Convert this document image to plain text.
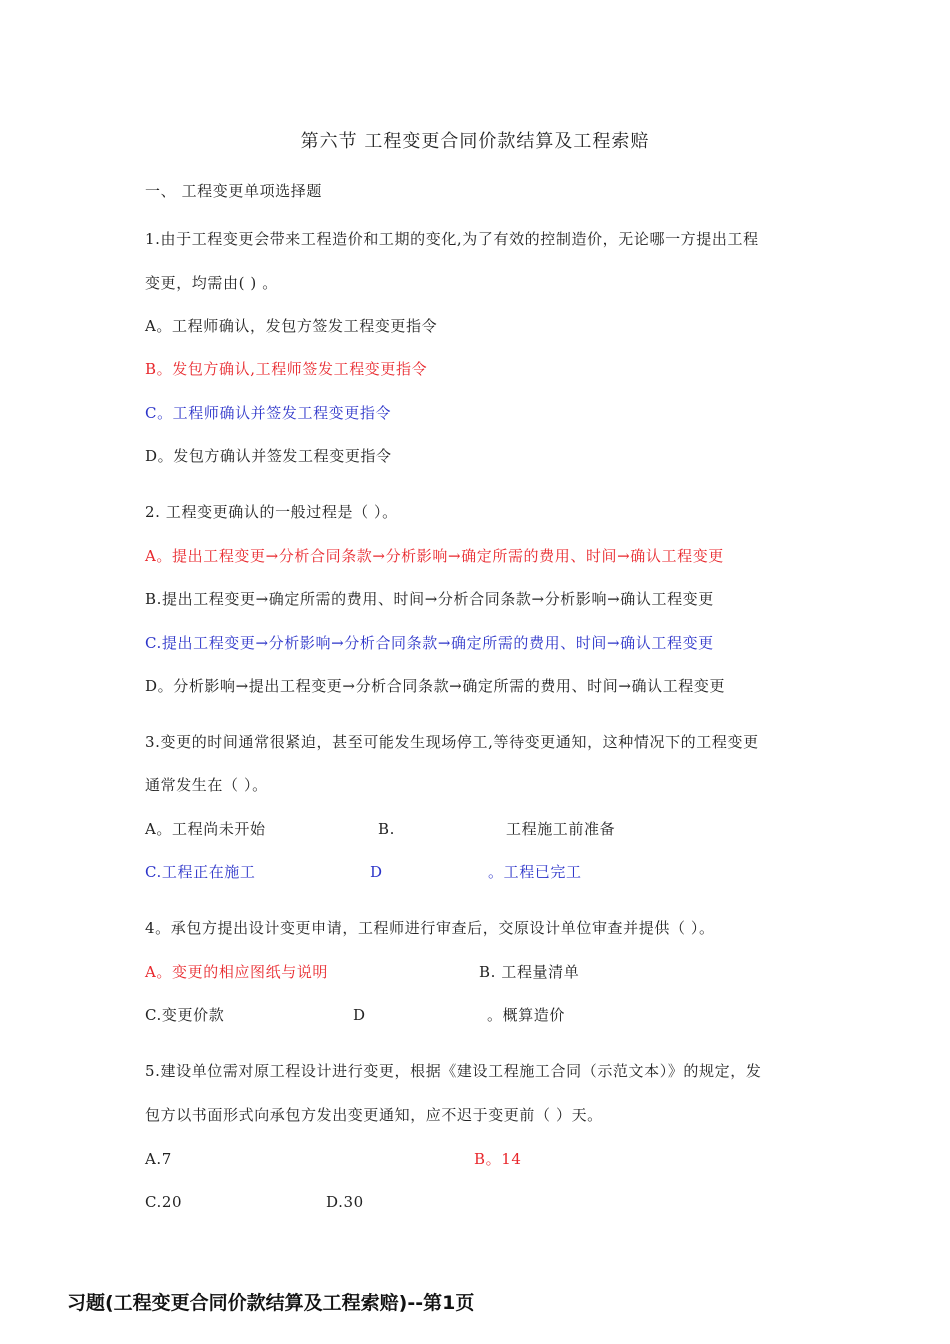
第六节 工程变更合同价款结算及工程索赔
一、 工程变更单项选择题
1.由于工程变更会带来工程造价和工期的变化,为了有效的控制造价，无论哪一方提出工程
变更，均需由( ) 。
A。工程师确认，发包方签发工程变更指令
B。发包方确认,工程师签发工程变更指令
C。工程师确认并签发工程变更指令
D。发包方确认并签发工程变更指令
2. 工程变更确认的一般过程是（ ）。
A。提出工程变更→分析合同条款→分析影响→确定所需的费用、时间→确认工程变更
B.提出工程变更→确定所需的费用、时间→分析合同条款→分析影响→确认工程变更
C.提出工程变更→分析影响→分析合同条款→确定所需的费用、时间→确认工程变更
D。分析影响→提出工程变更→分析合同条款→确定所需的费用、时间→确认工程变更
3.变更的时间通常很紧迫，甚至可能发生现场停工,等待变更通知，这种情况下的工程变更
通常发生在（ ）。
A。工程尚未开始	B.	工程施工前准备
C.工程正在施工	D	。工程已完工
4。承包方提出设计变更申请，工程师进行审查后，交原设计单位审查并提供（ ）。
A。变更的相应图纸与说明	B. 工程量清单
C.变更价款	D	。概算造价
5.建设单位需对原工程设计进行变更，根据《建设工程施工合同（示范文本）》的规定，发
包方以书面形式向承包方发出变更通知，应不迟于变更前（ ）天。
A.7	B。14
C.20	D.30
习题(工程变更合同价款结算及工程索赔)--第1页
